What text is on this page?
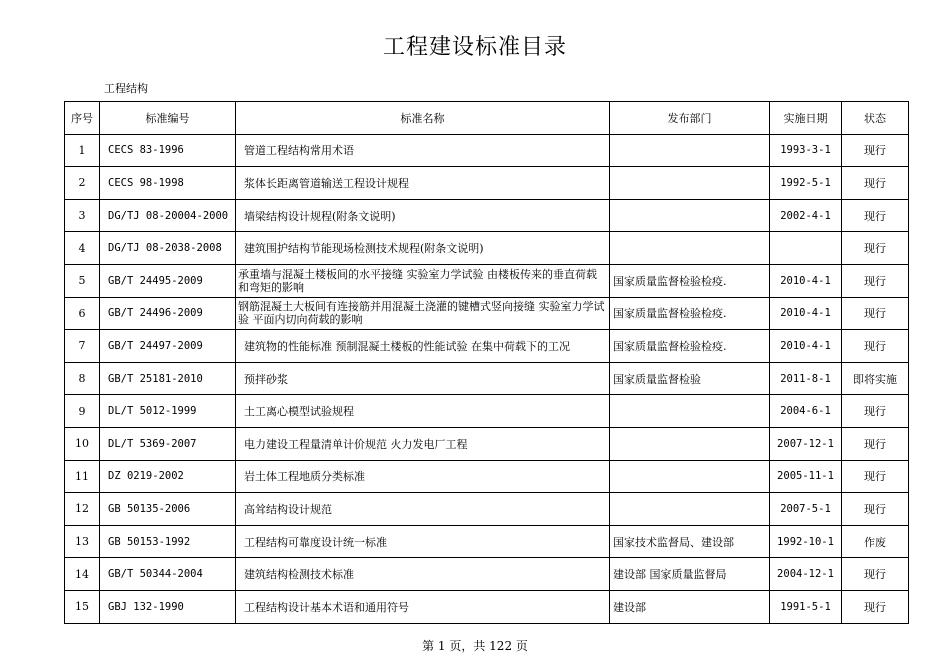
工程建设标准目录
工程结构
序号	标准编号	标准名称	发布部门	实施日期	状态
1	CECS 83-1996	管道工程结构常用术语		1993-3-1	现行
2	CECS 98-1998	浆体长距离管道输送工程设计规程		1992-5-1	现行
3	DG/TJ 08-20004-2000	墙梁结构设计规程(附条文说明)		2002-4-1	现行
4	DG/TJ 08-2038-2008	建筑围护结构节能现场检测技术规程(附条文说明)			现行
5	GB/T 24495-2009	承重墙与混凝土楼板间的水平接缝 实验室力学试验 由楼板传来的垂直荷载和弯矩的影响	国家质量监督检验检疫.	2010-4-1	现行
6	GB/T 24496-2009	钢筋混凝土大板间有连接筋并用混凝土浇灌的键槽式竖向接缝 实验室力学试验 平面内切向荷载的影响	国家质量监督检验检疫.	2010-4-1	现行
7	GB/T 24497-2009	建筑物的性能标准 预制混凝土楼板的性能试验 在集中荷载下的工况	国家质量监督检验检疫.	2010-4-1	现行
8	GB/T 25181-2010	预拌砂浆	国家质量监督检验	2011-8-1	即将实施
9	DL/T 5012-1999	土工离心模型试验规程		2004-6-1	现行
10	DL/T 5369-2007	电力建设工程量清单计价规范 火力发电厂工程		2007-12-1	现行
11	DZ 0219-2002	岩土体工程地质分类标准		2005-11-1	现行
12	GB 50135-2006	高耸结构设计规范		2007-5-1	现行
13	GB 50153-1992	工程结构可靠度设计统一标准	国家技术监督局、建设部	1992-10-1	作废
14	GB/T 50344-2004	建筑结构检测技术标准	建设部 国家质量监督局	2004-12-1	现行
15	GBJ 132-1990	工程结构设计基本术语和通用符号	建设部	1991-5-1	现行
第 1 页，共 122 页
